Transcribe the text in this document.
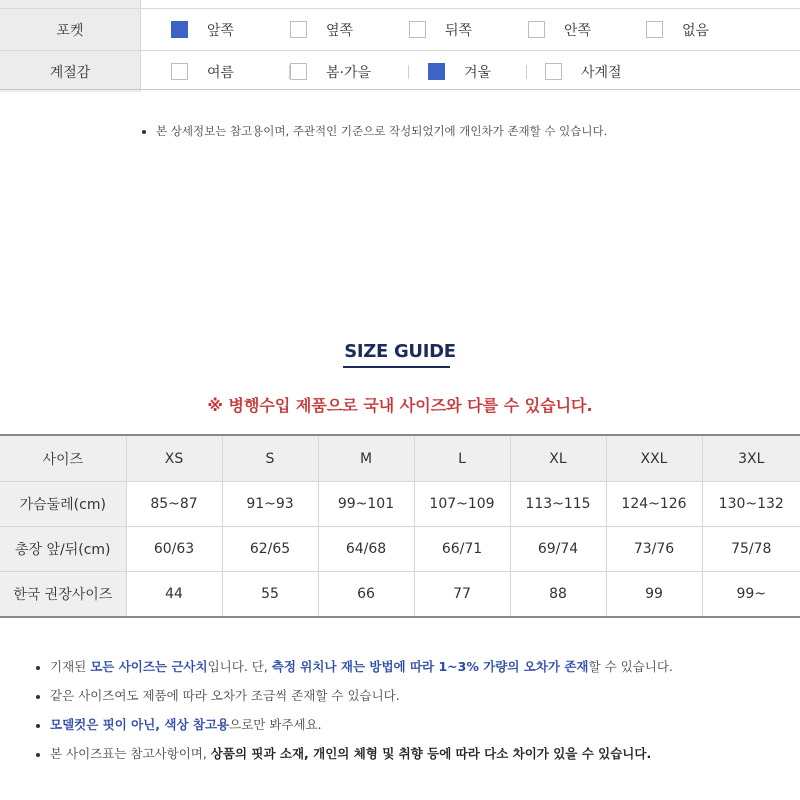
포켓	앞쪽	옆쪽	뒤쪽	안쪽	없음
계절감	여름	봄·가을	겨울	사계절
본 상세정보는 참고용이며, 주관적인 기준으로 작성되었기에 개인차가 존재할 수 있습니다.
SIZE GUIDE
※ 병행수입 제품으로 국내 사이즈와 다를 수 있습니다.
사이즈	XS	S	M	L	XL	XXL	3XL
가슴둘레(cm)	85~87	91~93	99~101	107~109	113~115	124~126	130~132
총장 앞/뒤(cm)	60/63	62/65	64/68	66/71	69/74	73/76	75/78
한국 권장사이즈	44	55	66	77	88	99	99~
기재된 모든 사이즈는 근사치입니다. 단, 측정 위치나 재는 방법에 따라 1~3% 가량의 오차가 존재할 수 있습니다.
같은 사이즈여도 제품에 따라 오차가 조금씩 존재할 수 있습니다.
모델컷은 핏이 아닌, 색상 참고용으로만 봐주세요.
본 사이즈표는 참고사항이며, 상품의 핏과 소재, 개인의 체형 및 취향 등에 따라 다소 차이가 있을 수 있습니다.
